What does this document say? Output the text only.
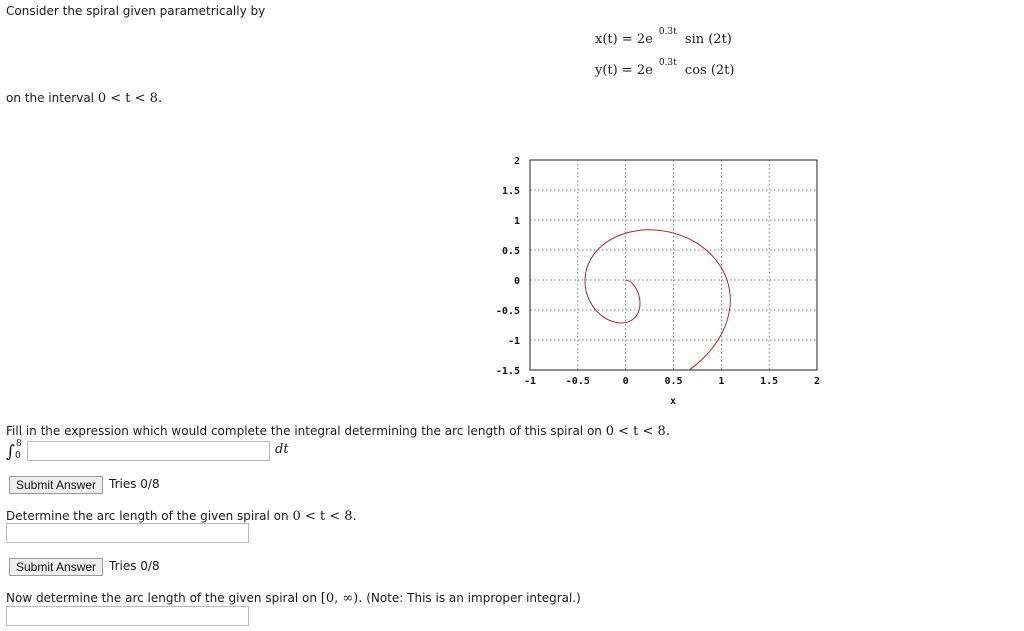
Consider the spiral given parametrically by
x(t) = 2e $^{0.3t}$ sin (2t)
y(t) = 2e $^{0.3t}$ cos (2t)
on the interval 0 < t < 8.
2
1.5
1
0.5
0
-0.5
-1
-1.5
-1	-0.5	0	0.5	1	1.5	2
x
Fill in the expression which would complete the integral determining the arc length of this spiral on 0 < t < 8.
∫ 8
0	dt
Submit Answer	Tries 0/8
Determine the arc length of the given spiral on 0 < t < 8.
Submit Answer	Tries 0/8
Now determine the arc length of the given spiral on [0, ∞). (Note: This is an improper integral.)
